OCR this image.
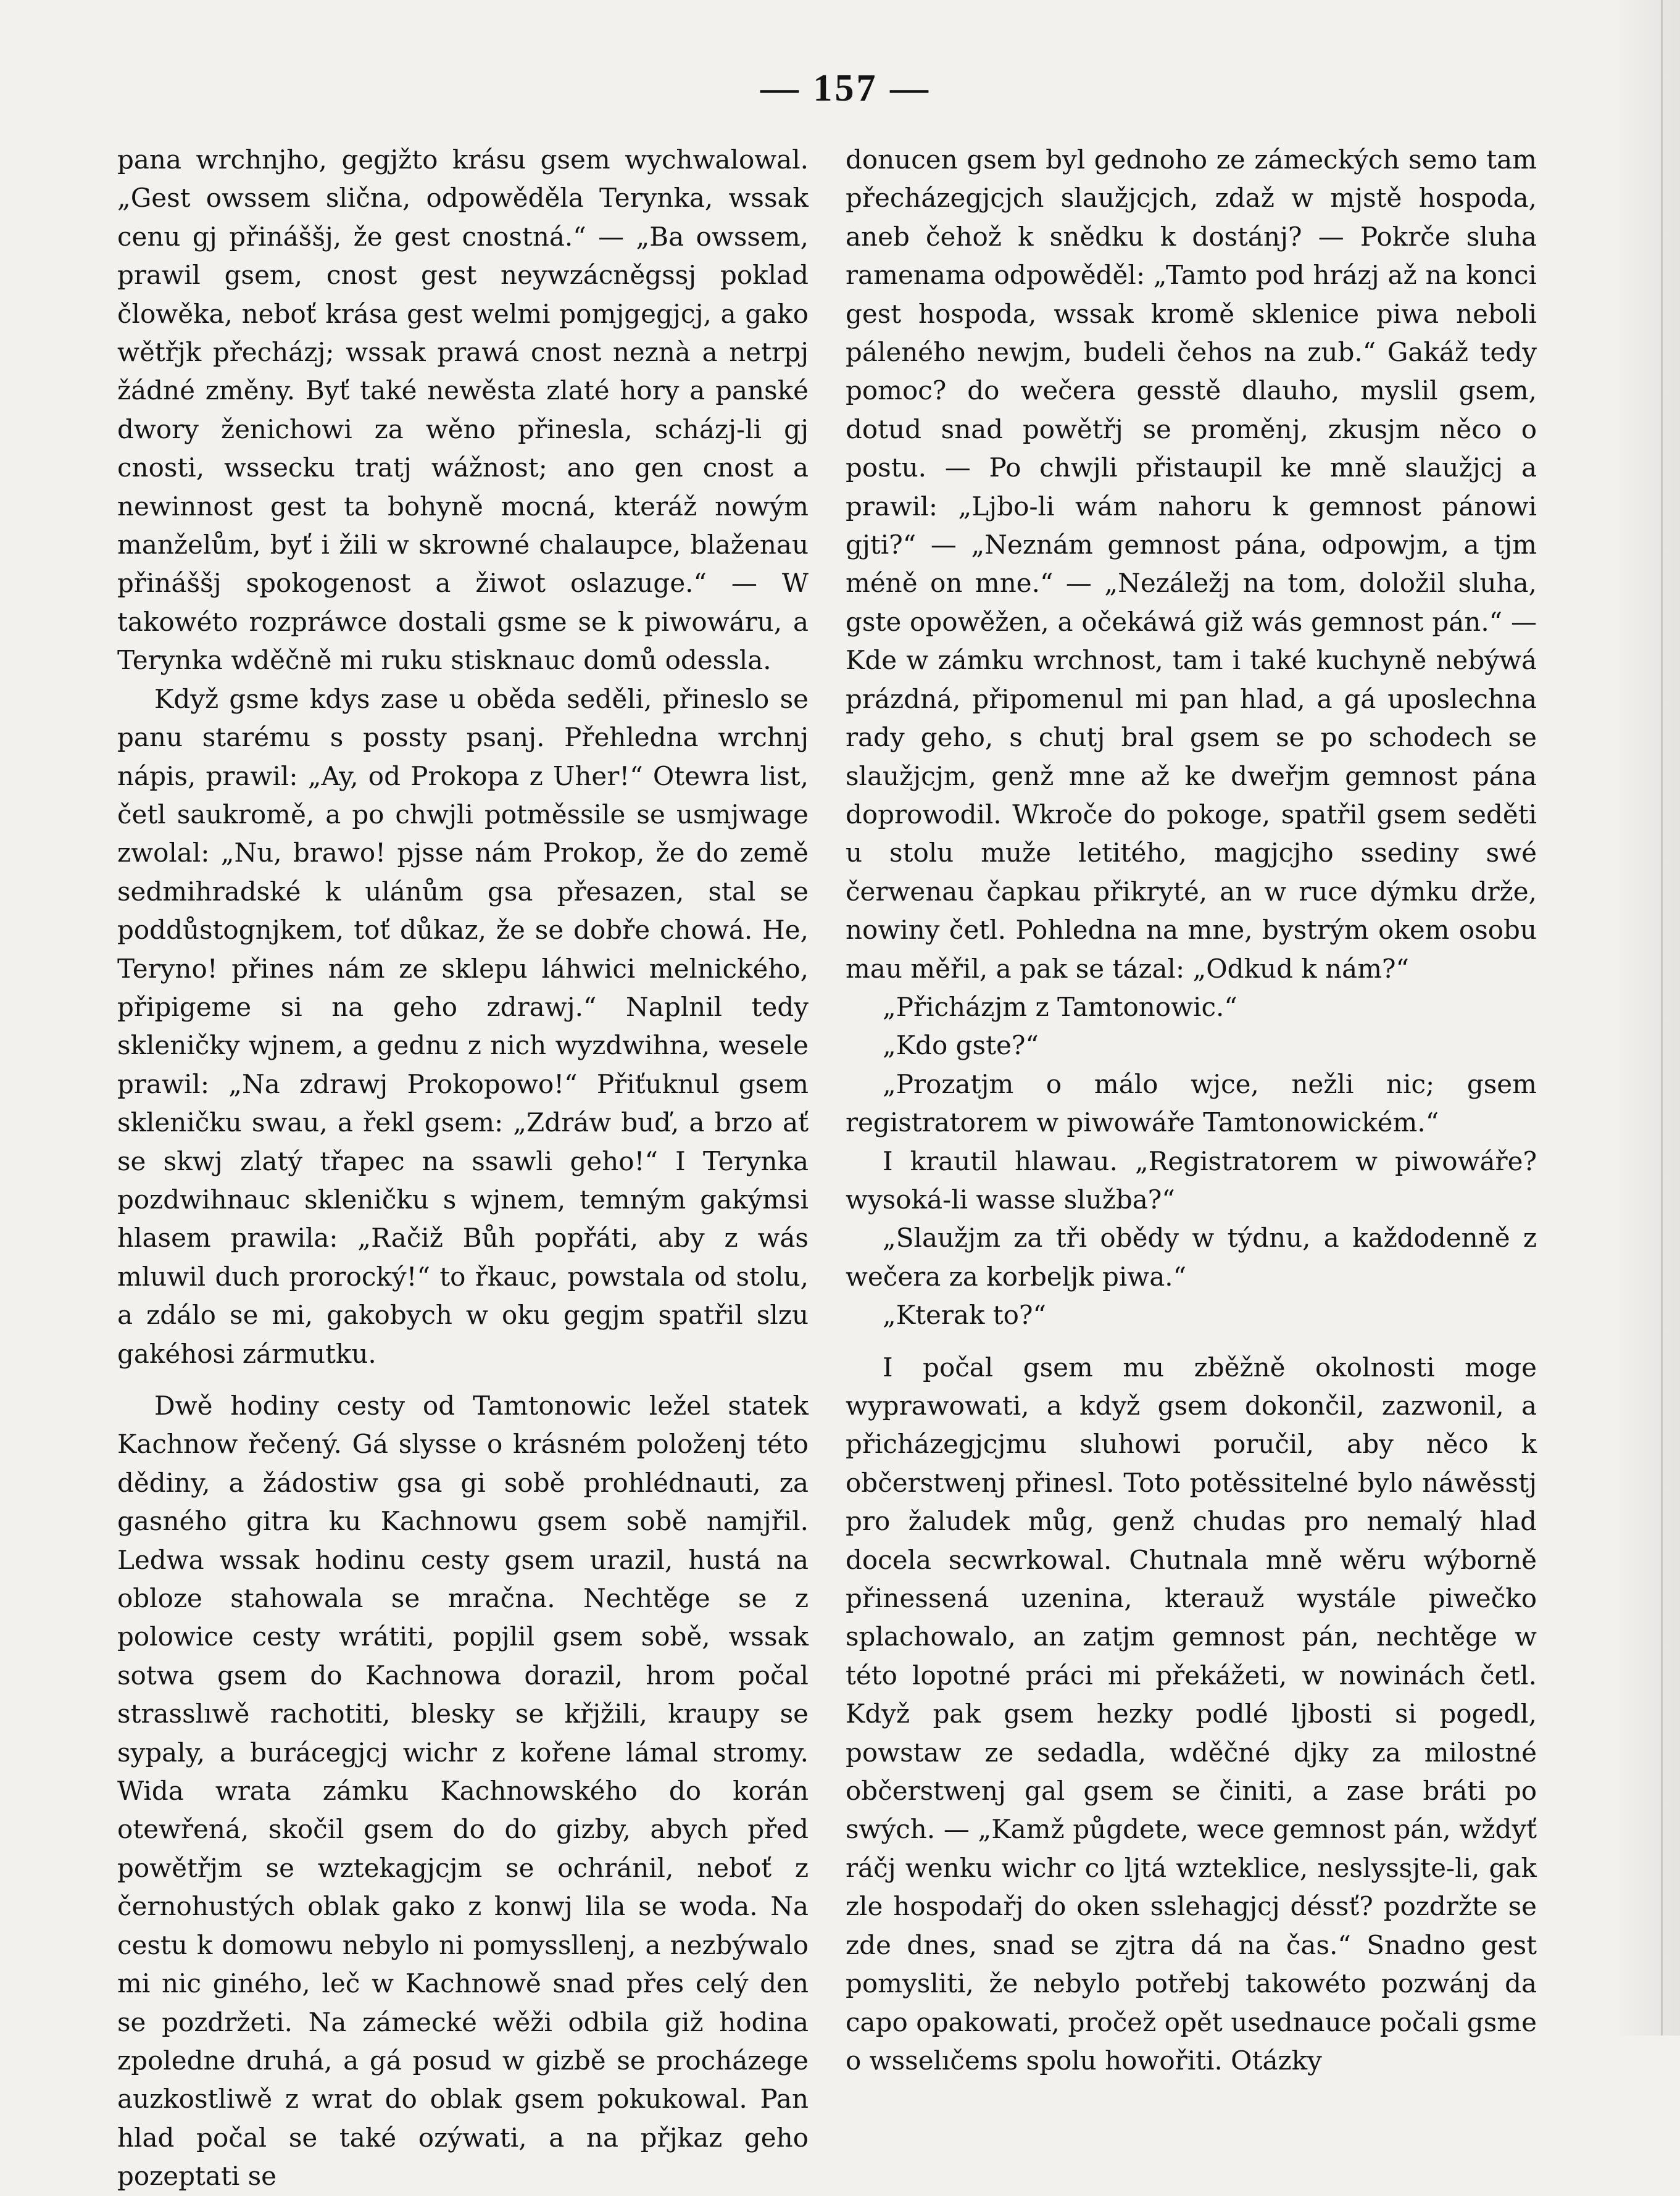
— 157 —

pana wrchnjho, gegjžto krásu gsem wychwalowal. „Gest owssem slična, odpowěděla Terynka, wssak cenu gj přináššj, že gest cnostná.“ — „Ba owssem, prawil gsem, cnost gest neywzácněgssj poklad člowěka, neboť krása gest welmi pomjgegjcj, a gako wětřjk přecházj; wssak prawá cnost neznà a netrpj žádné změny. Byť také newěsta zlaté hory a panské dwory ženichowi za wěno přinesla, scházj-li gj cnosti, wssecku tratj wážnost; ano gen cnost a newinnost gest ta bohyně mocná, kteráž nowým manželům, byť i žili w skrowné chalaupce, blaženau přináššj spokogenost a žiwot oslazuge.“ — W takowéto rozpráwce dostali gsme se k piwowáru, a Terynka wděčně mi ruku stisknauc domů odessla.

Když gsme kdys zase u oběda seděli, přineslo se panu starému s possty psanj. Přehledna wrchnj nápis, prawil: „Ay, od Prokopa z Uher!“ Otewra list, četl saukromě, a po chwjli potměssile se usmjwage zwolal: „Nu, brawo! pjsse nám Prokop, že do země sedmihradské k ulánům gsa přesazen, stal se poddůstognjkem, toť důkaz, že se dobře chowá. He, Teryno! přines nám ze sklepu láhwici melnického, připigeme si na geho zdrawj.“ Naplnil tedy skleničky wjnem, a gednu z nich wyzdwihna, wesele prawil: „Na zdrawj Prokopowo!“ Přiťuknul gsem skleničku swau, a řekl gsem: „Zdráw buď, a brzo ať se skwj zlatý třapec na ssawli geho!“ I Terynka pozdwihnauc skleničku s wjnem, temným gakýmsi hlasem prawila: „Račiž Bůh popřáti, aby z wás mluwil duch prorocký!“ to řkauc, powstala od stolu, a zdálo se mi, gakobych w oku gegjm spatřil slzu gakéhosi zármutku.

Dwě hodiny cesty od Tamtonowic ležel statek Kachnow řečený. Gá slysse o krásném položenj této dědiny, a žádostiw gsa gi sobě prohlédnauti, za gasného gitra ku Kachnowu gsem sobě namjřil. Ledwa wssak hodinu cesty gsem urazil, hustá na obloze stahowala se mračna. Nechtěge se z polowice cesty wrátiti, popjlil gsem sobě, wssak sotwa gsem do Kachnowa dorazil, hrom počal strasslıwě rachotiti, blesky se křjžili, kraupy se sypaly, a burácegjcj wichr z kořene lámal stromy. Wida wrata zámku Kachnowského do korán otewřená, skočil gsem do do gizby, abych před powětřjm se wztekagjcjm se ochránil, neboť z černohustých oblak gako z konwj lila se woda. Na cestu k domowu nebylo ni pomyssllenj, a nezbýwalo mi nic giného, leč w Kachnowě snad přes celý den se pozdržeti. Na zámecké wěži odbila giž hodina zpoledne druhá, a gá posud w gizbě se procházege auzkostliwě z wrat do oblak gsem pokukowal. Pan hlad počal se také ozýwati, a na přjkaz geho pozeptati se

donucen gsem byl gednoho ze zámeckých semo tam přecházegjcjch slaužjcjch, zdaž w mjstě hospoda, aneb čehož k snědku k dostánj? — Pokrče sluha ramenama odpowěděl: „Tamto pod hrázj až na konci gest hospoda, wssak kromě sklenice piwa neboli páleného newjm, budeli čehos na zub.“ Gakáž tedy pomoc? do wečera gesstě dlauho, myslil gsem, dotud snad powětřj se proměnj, zkusjm něco o postu. — Po chwjli přistaupil ke mně slaužjcj a prawil: „Ljbo-li wám nahoru k gemnost pánowi gjti?“ — „Neznám gemnost pána, odpowjm, a tjm méně on mne.“ — „Nezáležj na tom, doložil sluha, gste opowěžen, a očekáwá giž wás gemnost pán.“ — Kde w zámku wrchnost, tam i také kuchyně nebýwá prázdná, připomenul mi pan hlad, a gá uposlechna rady geho, s chutj bral gsem se po schodech se slaužjcjm, genž mne až ke dweřjm gemnost pána doprowodil. Wkroče do pokoge, spatřil gsem seděti u stolu muže letitého, magjcjho ssediny swé čerwenau čapkau přikryté, an w ruce dýmku drže, nowiny četl. Pohledna na mne, bystrým okem osobu mau měřil, a pak se tázal: „Odkud k nám?“

„Přicházjm z Tamtonowic.“

„Kdo gste?“

„Prozatjm o málo wjce, nežli nic; gsem registratorem w piwowáře Tamtonowickém.“

I krautil hlawau. „Registratorem w piwowáře? wysoká-li wasse služba?“

„Slaužjm za tři obědy w týdnu, a každodenně z wečera za korbeljk piwa.“

„Kterak to?“

I počal gsem mu zběžně okolnosti moge wyprawowati, a když gsem dokončil, zazwonil, a přicházegjcjmu sluhowi poručil, aby něco k občerstwenj přinesl. Toto potěssitelné bylo náwěsstj pro žaludek můg, genž chudas pro nemalý hlad docela secwrkowal. Chutnala mně wěru wýborně přinessená uzenina, kterauž wystále piwečko splachowalo, an zatjm gemnost pán, nechtěge w této lopotné práci mi překážeti, w nowinách četl. Když pak gsem hezky podlé ljbosti si pogedl, powstaw ze sedadla, wděčné djky za milostné občerstwenj gal gsem se činiti, a zase bráti po swých. — „Kamž půgdete, wece gemnost pán, wždyť ráčj wenku wichr co ljtá wzteklice, neslyssjte-li, gak zle hospodařj do oken sslehagjcj déssť? pozdržte se zde dnes, snad se zjtra dá na čas.“ Snadno gest pomysliti, že nebylo potřebj takowéto pozwánj da capo opakowati, pročež opět usednauce počali gsme o wsselıčems spolu howořiti. Otázky
